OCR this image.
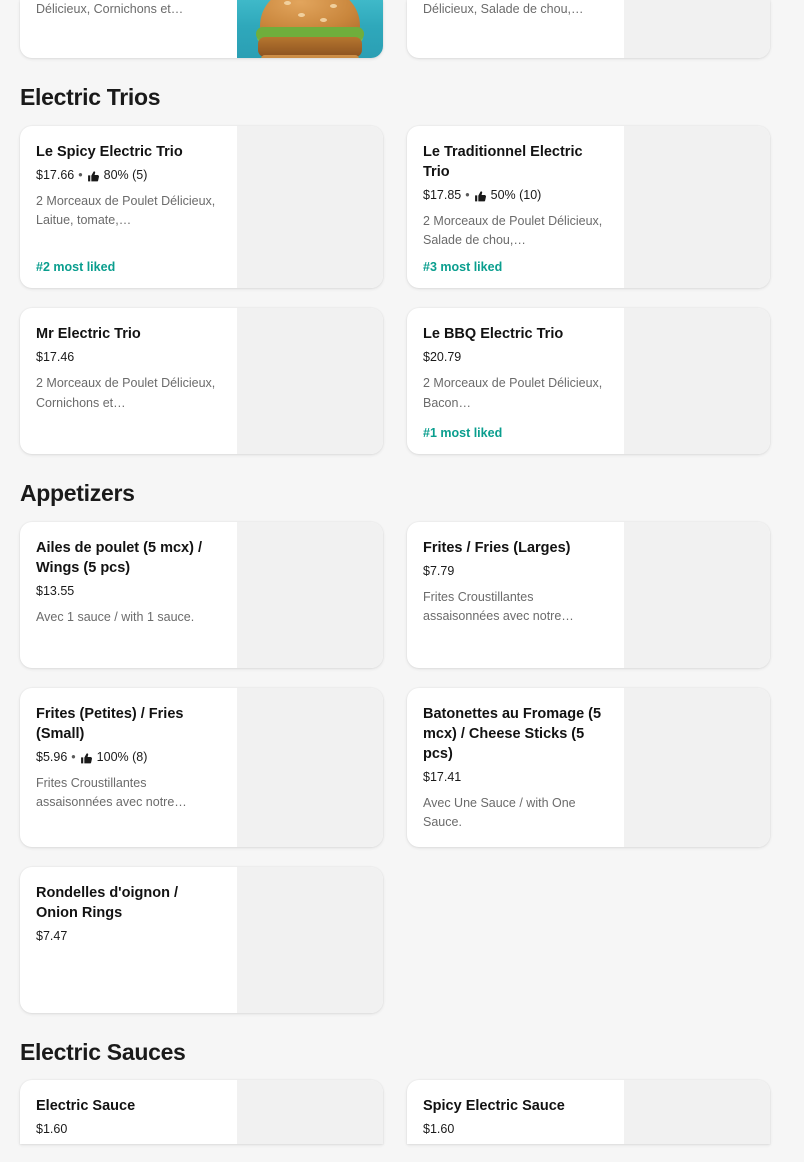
Délicieux, Cornichons et…	Délicieux, Salade de chou,…
Electric Trios
Le Spicy Electric Trio
$17.66 • 80% (5)
2 Morceaux de Poulet Délicieux, Laitue, tomate,…
#2 most liked
Le Traditionnel Electric Trio
$17.85 • 50% (10)
2 Morceaux de Poulet Délicieux, Salade de chou,…
#3 most liked
Mr Electric Trio
$17.46
2 Morceaux de Poulet Délicieux, Cornichons et…
Le BBQ Electric Trio
$20.79
2 Morceaux de Poulet Délicieux, Bacon…
#1 most liked
Appetizers
Ailes de poulet (5 mcx) / Wings (5 pcs)
$13.55
Avec 1 sauce / with 1 sauce.
Frites / Fries (Larges)
$7.79
Frites Croustillantes assaisonnées avec notre…
Frites (Petites) / Fries (Small)
$5.96 • 100% (8)
Frites Croustillantes assaisonnées avec notre…
Batonettes au Fromage (5 mcx) / Cheese Sticks (5 pcs)
$17.41
Avec Une Sauce / with One Sauce.
Rondelles d'oignon / Onion Rings
$7.47
Electric Sauces
Electric Sauce
$1.60
Spicy Electric Sauce
$1.60
